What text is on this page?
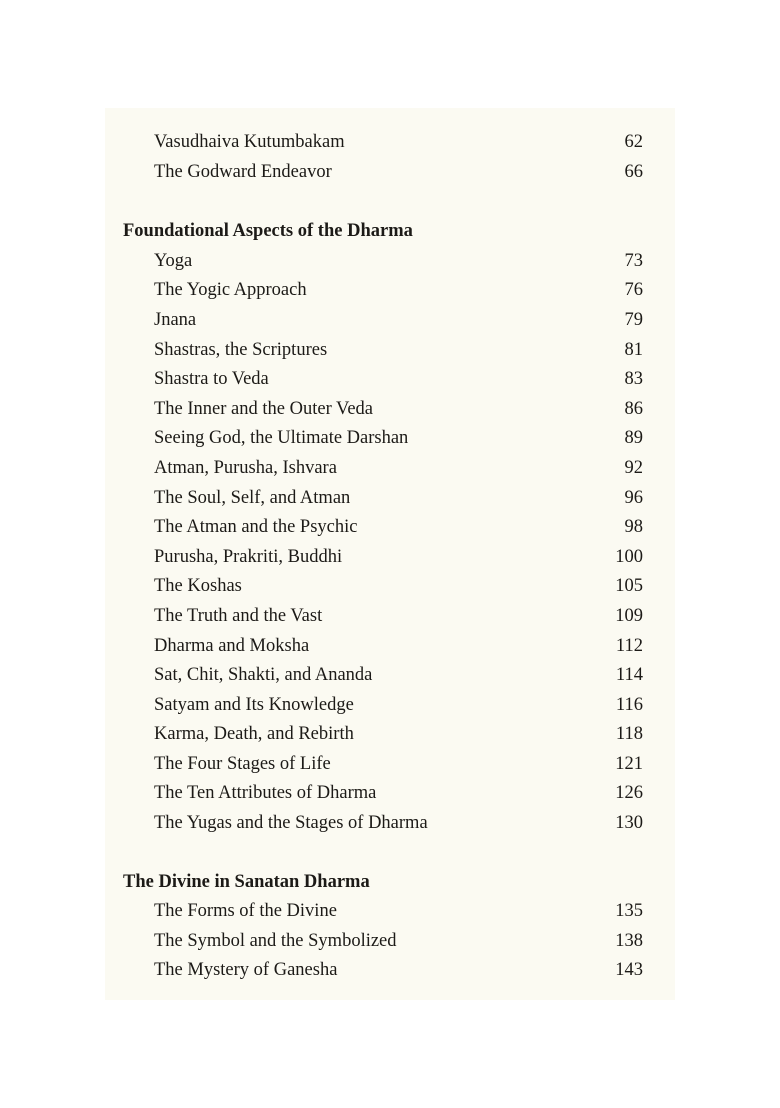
Vasudhaiva Kutumbakam	62
The Godward Endeavor	66
Foundational Aspects of the Dharma
Yoga	73
The Yogic Approach	76
Jnana	79
Shastras, the Scriptures	81
Shastra to Veda	83
The Inner and the Outer Veda	86
Seeing God, the Ultimate Darshan	89
Atman, Purusha, Ishvara	92
The Soul, Self, and Atman	96
The Atman and the Psychic	98
Purusha, Prakriti, Buddhi	100
The Koshas	105
The Truth and the Vast	109
Dharma and Moksha	112
Sat, Chit, Shakti, and Ananda	114
Satyam and Its Knowledge	116
Karma, Death, and Rebirth	118
The Four Stages of Life	121
The Ten Attributes of Dharma	126
The Yugas and the Stages of Dharma	130
The Divine in Sanatan Dharma
The Forms of the Divine	135
The Symbol and the Symbolized	138
The Mystery of Ganesha	143
